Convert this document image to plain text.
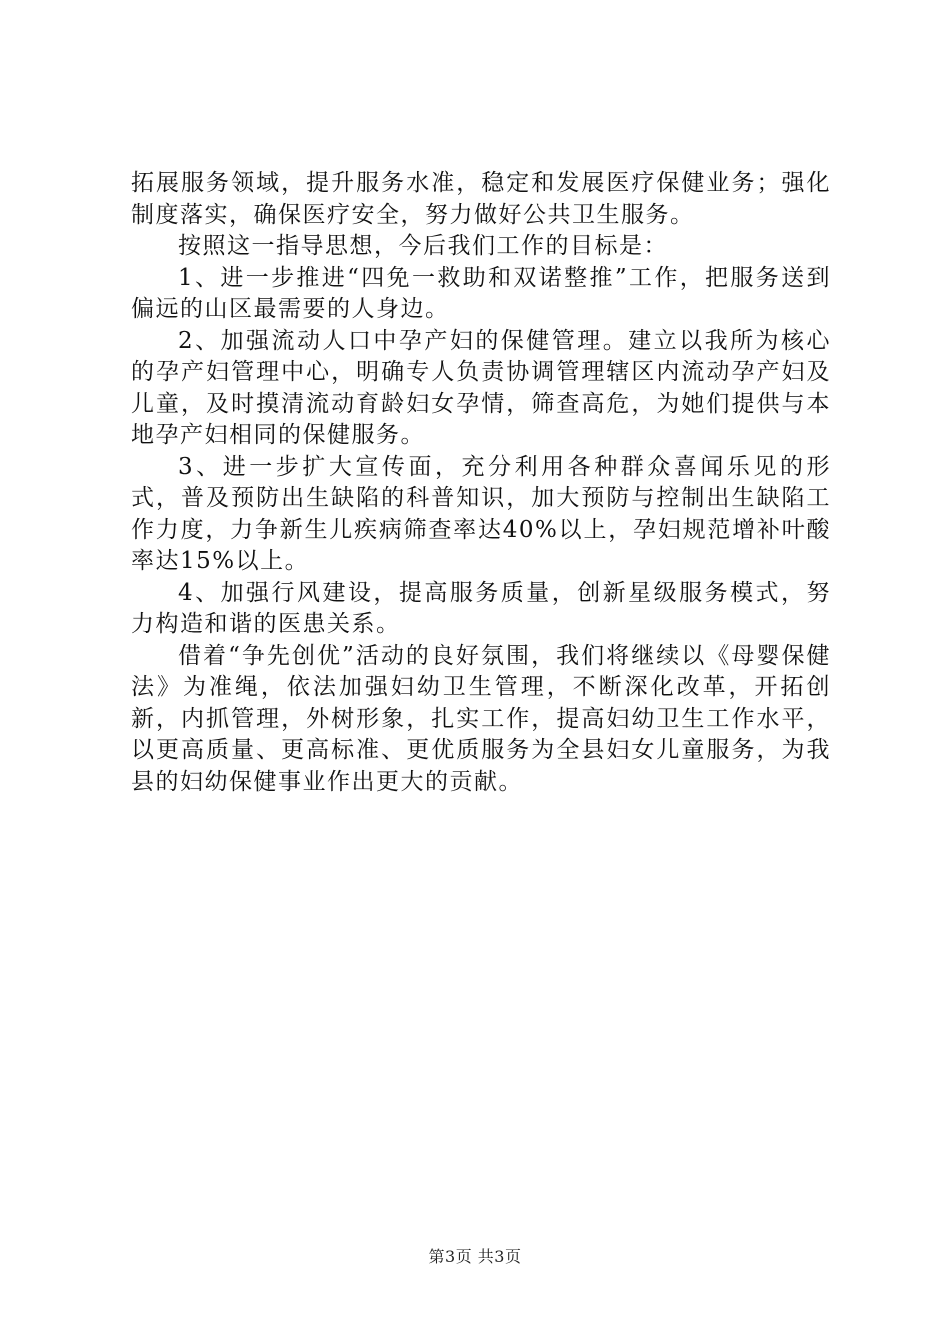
拓展服务领域，提升服务水准，稳定和发展医疗保健业务；强化制度落实，确保医疗安全，努力做好公共卫生服务。

按照这一指导思想，今后我们工作的目标是：

1、进一步推进“四免一救助和双诺整推”工作，把服务送到偏远的山区最需要的人身边。

2、加强流动人口中孕产妇的保健管理。建立以我所为核心的孕产妇管理中心，明确专人负责协调管理辖区内流动孕产妇及儿童，及时摸清流动育龄妇女孕情，筛查高危，为她们提供与本地孕产妇相同的保健服务。

3、进一步扩大宣传面，充分利用各种群众喜闻乐见的形式，普及预防出生缺陷的科普知识，加大预防与控制出生缺陷工作力度，力争新生儿疾病筛查率达40%以上，孕妇规范增补叶酸率达15%以上。

4、加强行风建设，提高服务质量，创新星级服务模式，努力构造和谐的医患关系。

借着“争先创优”活动的良好氛围，我们将继续以《母婴保健法》为准绳，依法加强妇幼卫生管理，不断深化改革，开拓创新，内抓管理，外树形象，扎实工作，提高妇幼卫生工作水平，以更高质量、更高标准、更优质服务为全县妇女儿童服务，为我县的妇幼保健事业作出更大的贡献。

第3页 共3页
